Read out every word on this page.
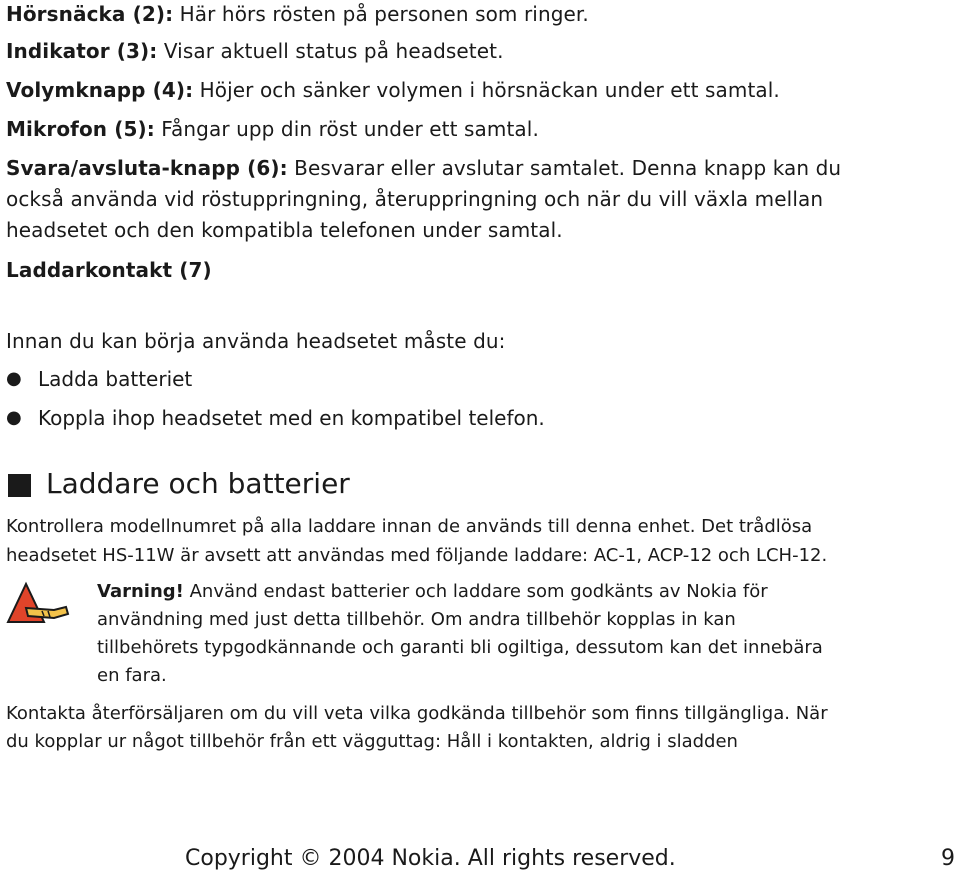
Hörsnäcka (2): Här hörs rösten på personen som ringer.
Indikator (3): Visar aktuell status på headsetet.
Volymknapp (4): Höjer och sänker volymen i hörsnäckan under ett samtal.
Mikrofon (5): Fångar upp din röst under ett samtal.
Svara/avsluta-knapp (6): Besvarar eller avslutar samtalet. Denna knapp kan du
också använda vid röstuppringning, återuppringning och när du vill växla mellan
headsetet och den kompatibla telefonen under samtal.
Laddarkontakt (7)
Innan du kan börja använda headsetet måste du:
● Ladda batteriet
● Koppla ihop headsetet med en kompatibel telefon.
Laddare och batterier
Kontrollera modellnumret på alla laddare innan de används till denna enhet. Det trådlösa
headsetet HS-11W är avsett att användas med följande laddare: AC-1, ACP-12 och LCH-12.
Varning! Använd endast batterier och laddare som godkänts av Nokia för
användning med just detta tillbehör. Om andra tillbehör kopplas in kan
tillbehörets typgodkännande och garanti bli ogiltiga, dessutom kan det innebära
en fara.
Kontakta återförsäljaren om du vill veta vilka godkända tillbehör som finns tillgängliga. När
du kopplar ur något tillbehör från ett vägguttag: Håll i kontakten, aldrig i sladden
Copyright © 2004 Nokia. All rights reserved.	9
